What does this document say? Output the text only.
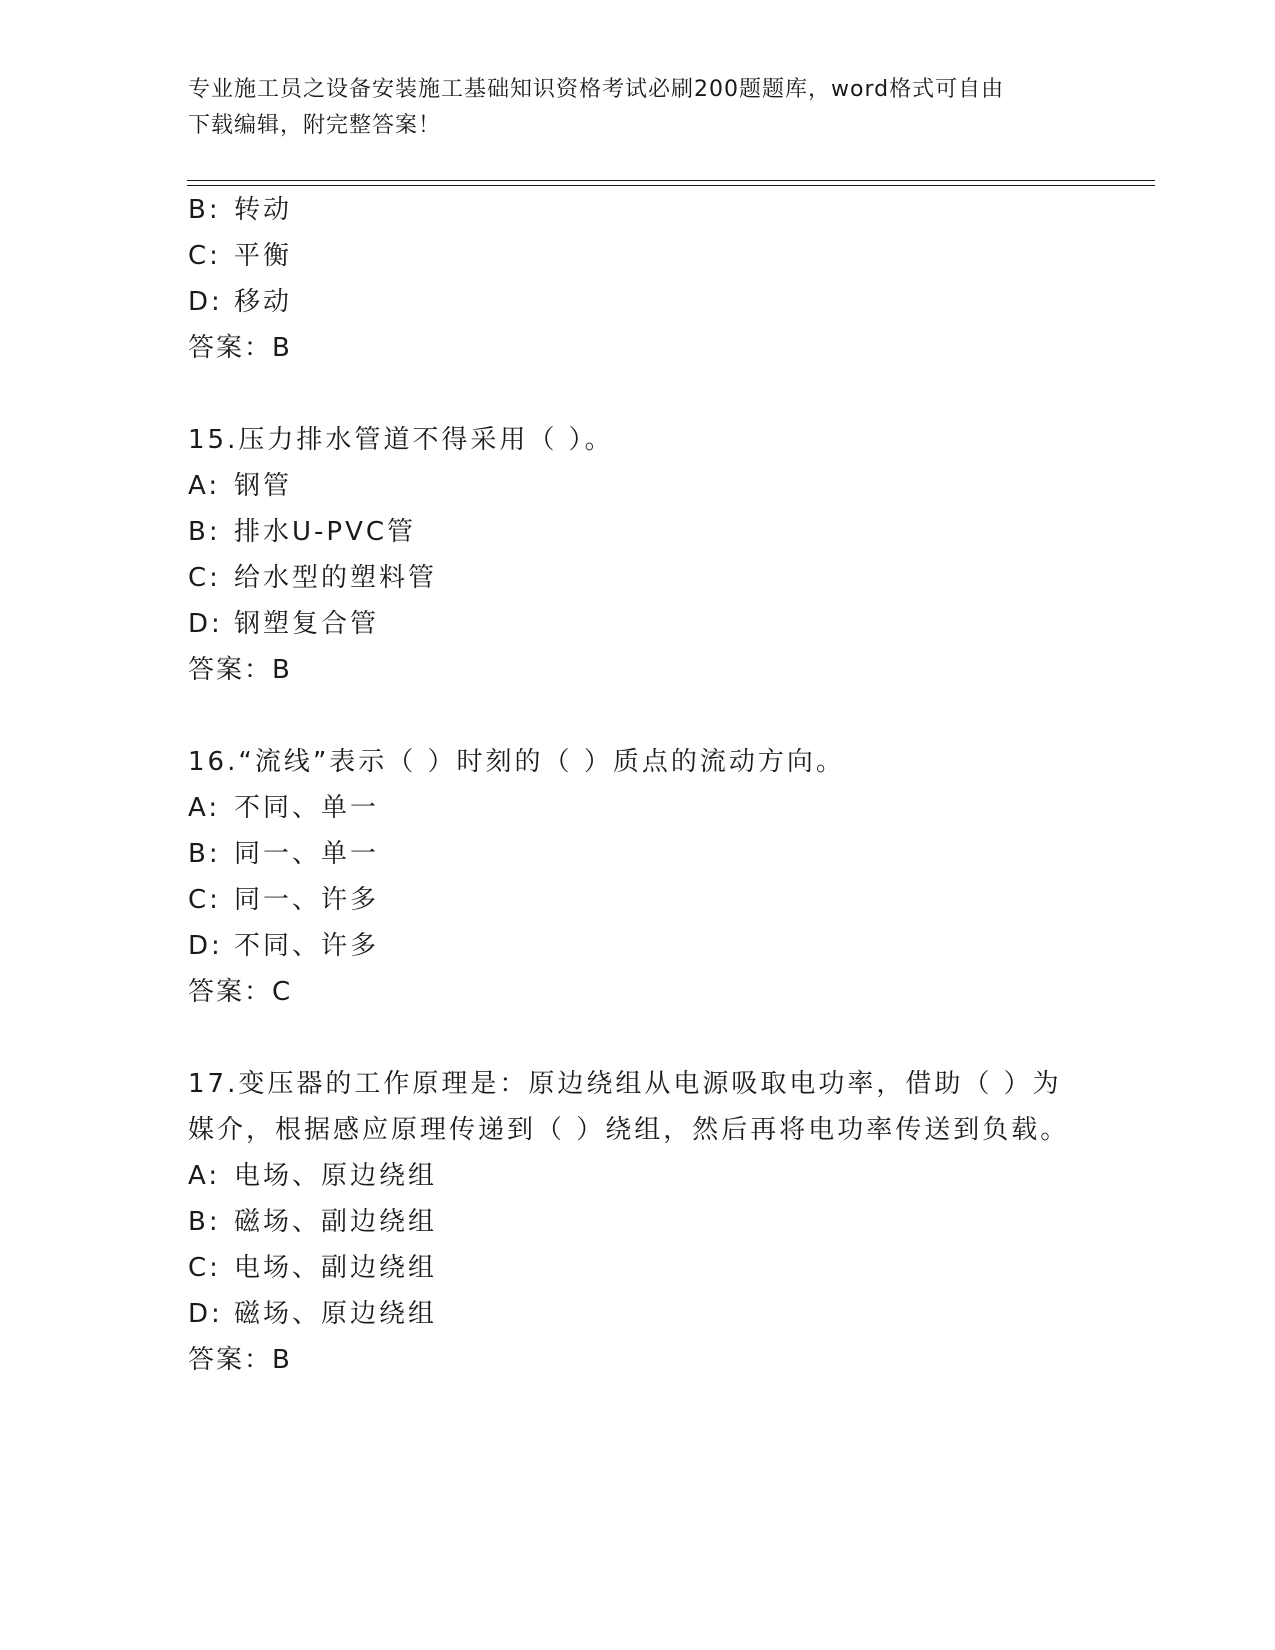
专业施工员之设备安装施工基础知识资格考试必刷200题题库，word格式可自由
下载编辑，附完整答案！
B: 转动
C: 平衡
D: 移动
答案：B
15.压力排水管道不得采用（ ）。
A: 钢管
B: 排水U-PVC管
C: 给水型的塑料管
D: 钢塑复合管
答案：B
16.“流线”表示（ ）时刻的（ ）质点的流动方向。
A: 不同、单一
B: 同一、单一
C: 同一、许多
D: 不同、许多
答案：C
17.变压器的工作原理是：原边绕组从电源吸取电功率，借助（ ）为
媒介，根据感应原理传递到（ ）绕组，然后再将电功率传送到负载。
A: 电场、原边绕组
B: 磁场、副边绕组
C: 电场、副边绕组
D: 磁场、原边绕组
答案：B
